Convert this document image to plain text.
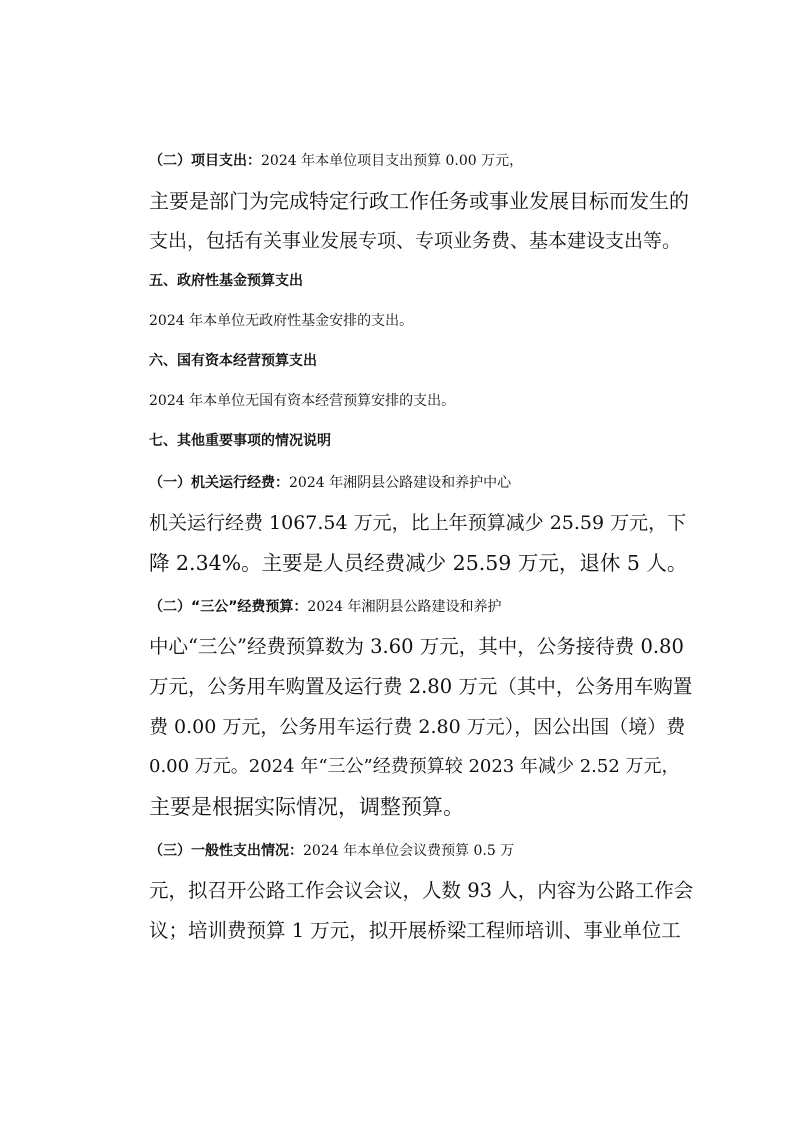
（二）项目支出：2024 年本单位项目支出预算 0.00 万元，
主要是部门为完成特定行政工作任务或事业发展目标而发生的
支出，包括有关事业发展专项、专项业务费、基本建设支出等。
五、政府性基金预算支出
2024 年本单位无政府性基金安排的支出。
六、国有资本经营预算支出
2024 年本单位无国有资本经营预算安排的支出。
七、其他重要事项的情况说明
（一）机关运行经费：2024 年湘阴县公路建设和养护中心
机关运行经费 1067.54 万元，比上年预算减少 25.59 万元，下
降 2.34%。主要是人员经费减少 25.59 万元，退休 5 人。
（二）“三公”经费预算：2024 年湘阴县公路建设和养护
中心“三公”经费预算数为 3.60 万元，其中，公务接待费 0.80
万元，公务用车购置及运行费 2.80 万元（其中，公务用车购置
费 0.00 万元，公务用车运行费 2.80 万元），因公出国（境）费
0.00 万元。2024 年“三公”经费预算较 2023 年减少 2.52 万元，
主要是根据实际情况，调整预算。
（三）一般性支出情况：2024 年本单位会议费预算 0.5 万
元，拟召开公路工作会议会议，人数 93 人，内容为公路工作会
议；培训费预算 1 万元，拟开展桥梁工程师培训、事业单位工
